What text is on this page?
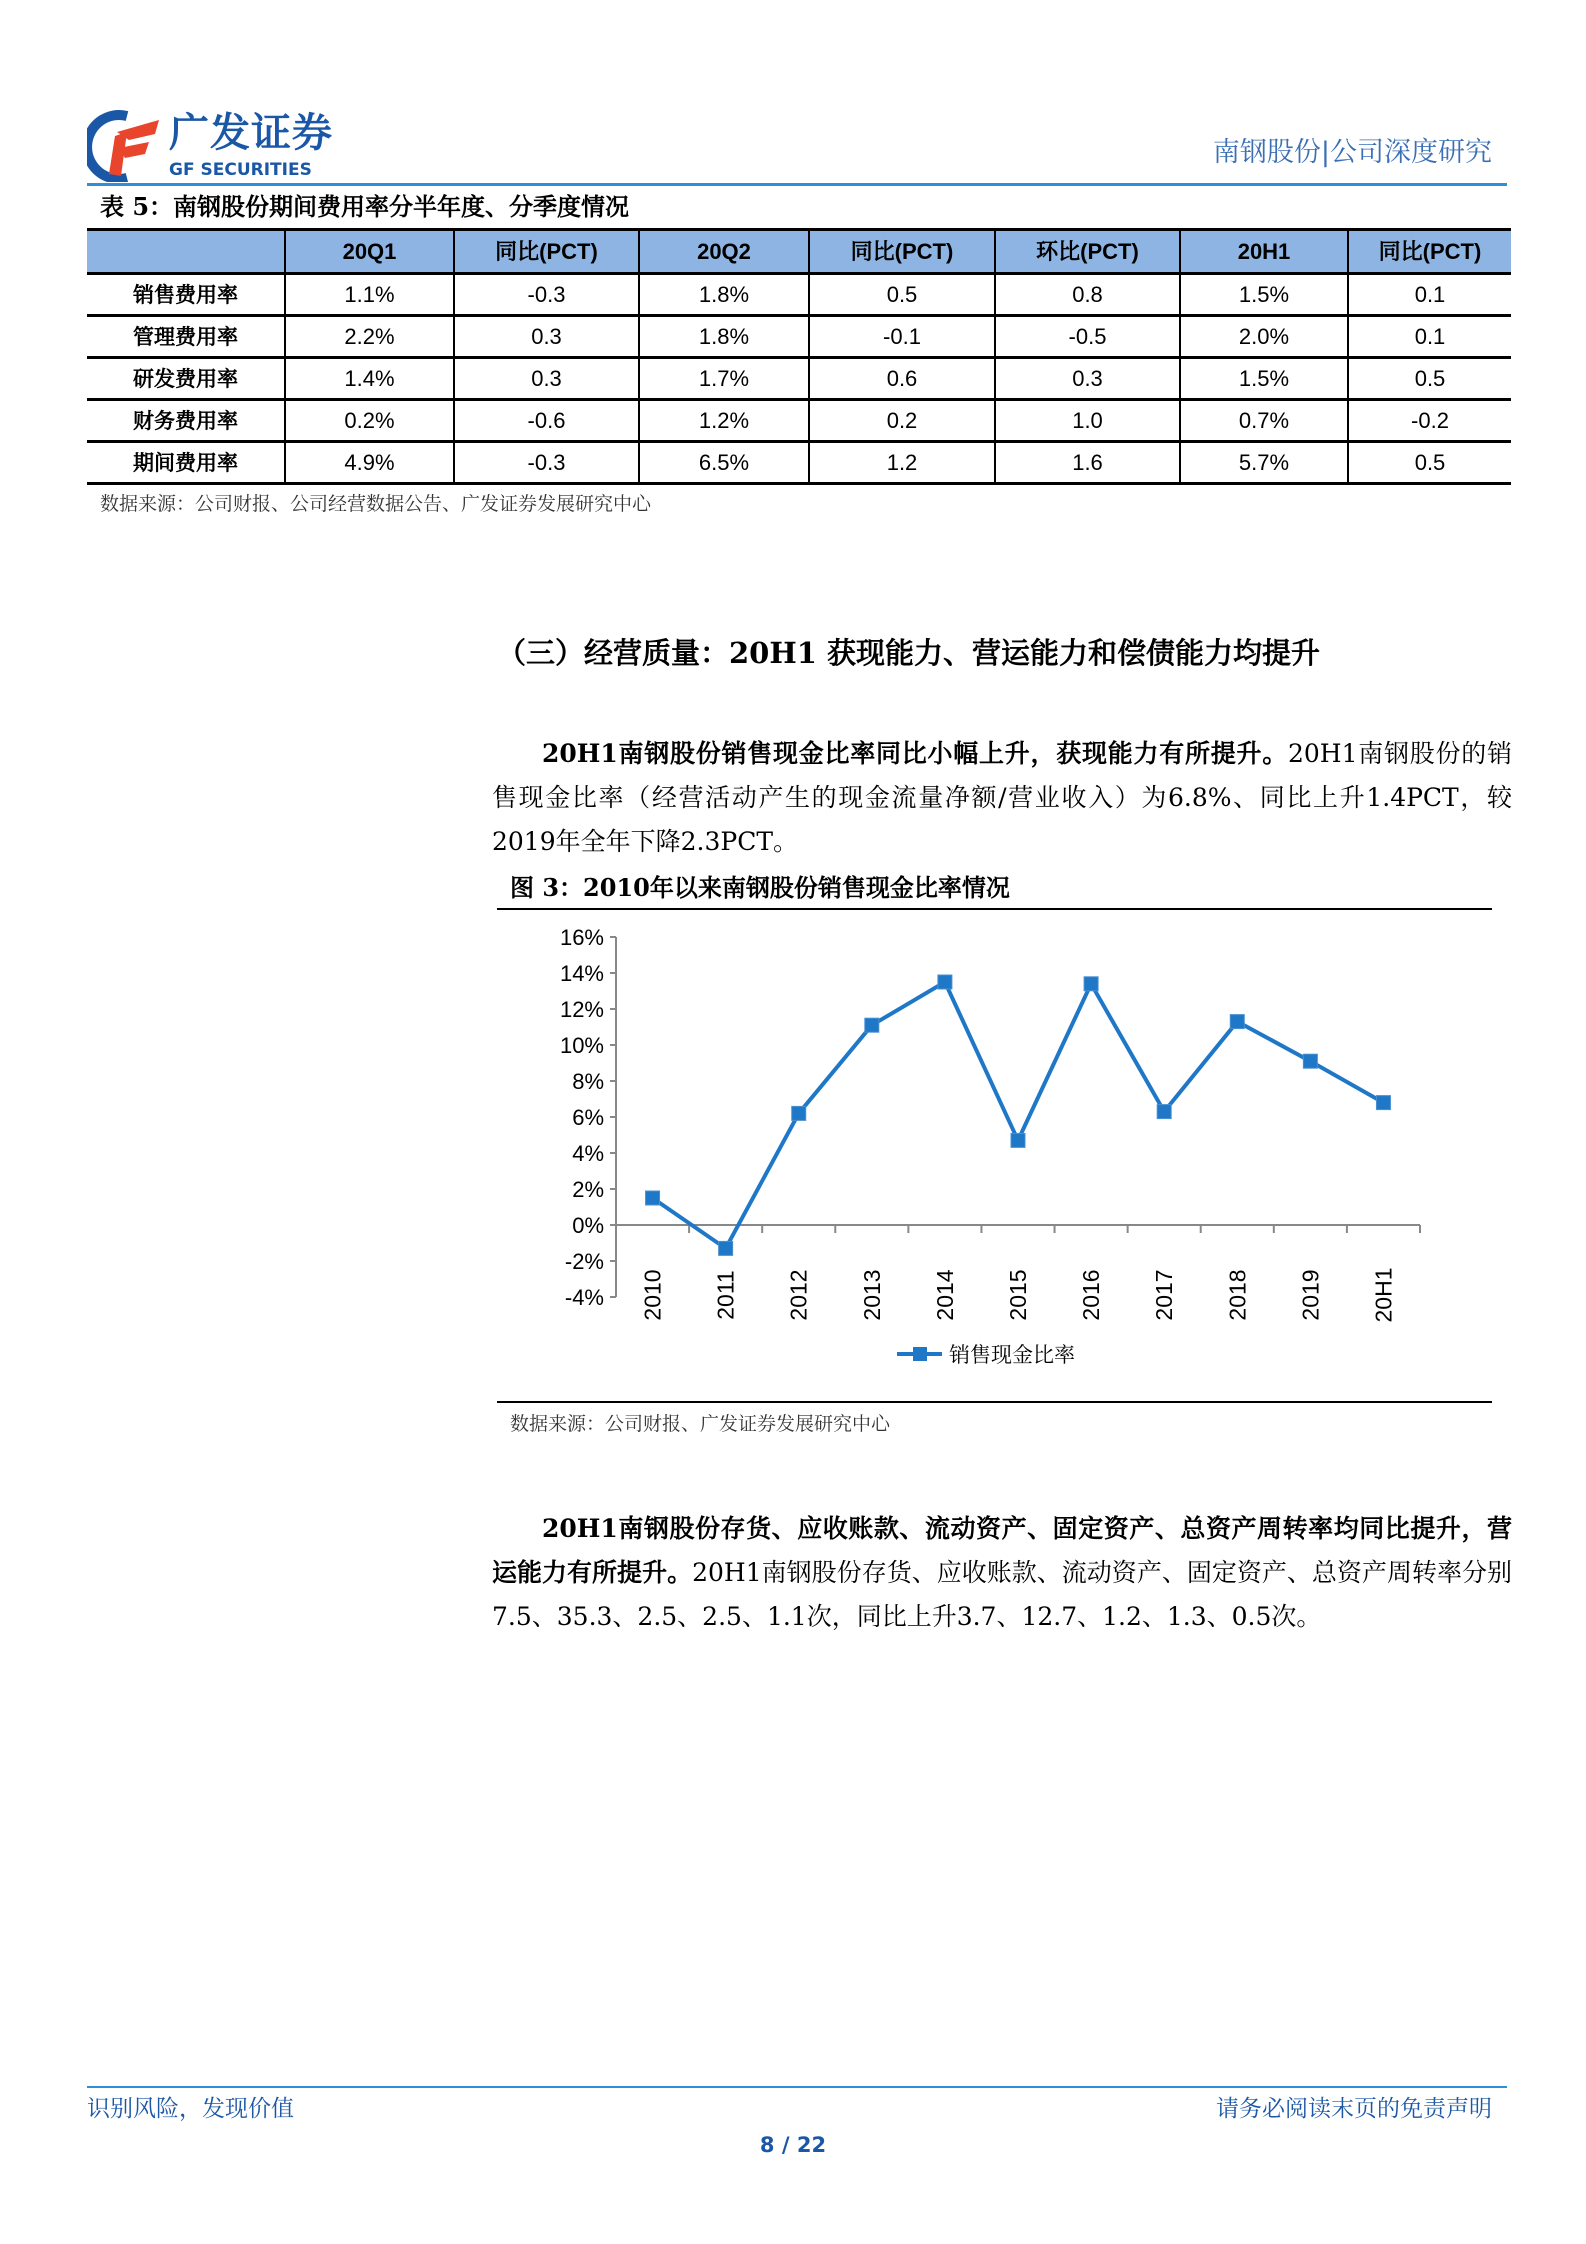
广发证券
GF SECURITIES
南钢股份|公司深度研究
表 5：南钢股份期间费用率分半年度、分季度情况
	20Q1	同比(PCT)	20Q2	同比(PCT)	环比(PCT)	20H1	同比(PCT)
销售费用率	1.1%	-0.3	1.8%	0.5	0.8	1.5%	0.1
管理费用率	2.2%	0.3	1.8%	-0.1	-0.5	2.0%	0.1
研发费用率	1.4%	0.3	1.7%	0.6	0.3	1.5%	0.5
财务费用率	0.2%	-0.6	1.2%	0.2	1.0	0.7%	-0.2
期间费用率	4.9%	-0.3	6.5%	1.2	1.6	5.7%	0.5
数据来源：公司财报、公司经营数据公告、广发证券发展研究中心
（三）经营质量：20H1 获现能力、营运能力和偿债能力均提升
20H1南钢股份销售现金比率同比小幅上升，获现能力有所提升。20H1南钢股份的销售现金比率（经营活动产生的现金流量净额/营业收入）为6.8%、同比上升1.4PCT，较2019年全年下降2.3PCT。
图 3：2010年以来南钢股份销售现金比率情况
16%
14%
12%
10%
8%
6%
4%
2%
0%
-2%
-4% 2010 2011 2012 2013 2014 2015 2016 2017 2018 2019 20H1
销售现金比率
数据来源：公司财报、广发证券发展研究中心
20H1南钢股份存货、应收账款、流动资产、固定资产、总资产周转率均同比提升，营运能力有所提升。20H1南钢股份存货、应收账款、流动资产、固定资产、总资产周转率分别7.5、35.3、2.5、2.5、1.1次，同比上升3.7、12.7、1.2、1.3、0.5次。
识别风险，发现价值	请务必阅读末页的免责声明
8 / 22
